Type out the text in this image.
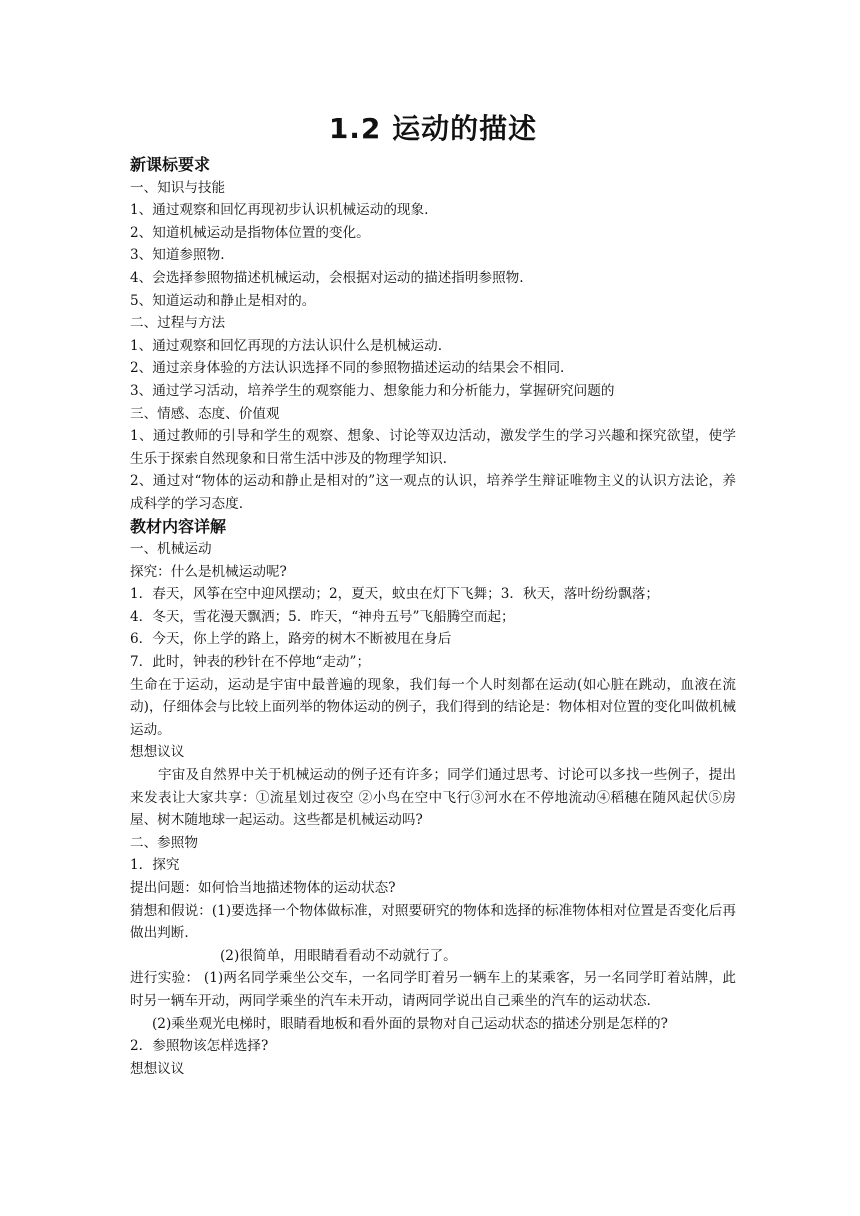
1.2 运动的描述
新课标要求
一、知识与技能
1、通过观察和回忆再现初步认识机械运动的现象.
2、知道机械运动是指物体位置的变化。
3、知道参照物.
4、会选择参照物描述机械运动，会根据对运动的描述指明参照物.
5、知道运动和静止是相对的。
二、过程与方法
1、通过观察和回忆再现的方法认识什么是机械运动.
2、通过亲身体验的方法认识选择不同的参照物描述运动的结果会不相同.
3、通过学习活动，培养学生的观察能力、想象能力和分析能力，掌握研究问题的
三、情感、态度、价值观
1、通过教师的引导和学生的观察、想象、讨论等双边活动，激发学生的学习兴趣和探究欲望，使学生乐于探索自然现象和日常生活中涉及的物理学知识.
2、通过对“物体的运动和静止是相对的”这一观点的认识，培养学生辩证唯物主义的认识方法论，养成科学的学习态度.
教材内容详解
一、机械运动
探究：什么是机械运动呢?
1．春天，风筝在空中迎风摆动；2，夏天，蚊虫在灯下飞舞；3．秋天，落叶纷纷飘落；
4．冬天，雪花漫天飘洒；5．昨天，“神舟五号”飞船腾空而起；
6．今天，你上学的路上，路旁的树木不断被甩在身后
7．此时，钟表的秒针在不停地“走动”；
生命在于运动，运动是宇宙中最普遍的现象，我们每一个人时刻都在运动(如心脏在跳动，血液在流动)，仔细体会与比较上面列举的物体运动的例子，我们得到的结论是：物体相对位置的变化叫做机械运动。
想想议议
宇宙及自然界中关于机械运动的例子还有许多；同学们通过思考、讨论可以多找一些例子，提出来发表让大家共享：①流星划过夜空 ②小鸟在空中飞行③河水在不停地流动④稻穗在随风起伏⑤房屋、树木随地球一起运动。这些都是机械运动吗?
二、参照物
1．探究
提出问题：如何恰当地描述物体的运动状态?
猜想和假说：(1)要选择一个物体做标准，对照要研究的物体和选择的标准物体相对位置是否变化后再做出判断.
(2)很简单，用眼睛看看动不动就行了。
进行实验： (1)两名同学乘坐公交车，一名同学盯着另一辆车上的某乘客，另一名同学盯着站牌，此时另一辆车开动，两同学乘坐的汽车未开动，请两同学说出自己乘坐的汽车的运动状态.
(2)乘坐观光电梯时，眼睛看地板和看外面的景物对自己运动状态的描述分别是怎样的?
2．参照物该怎样选择?
想想议议
